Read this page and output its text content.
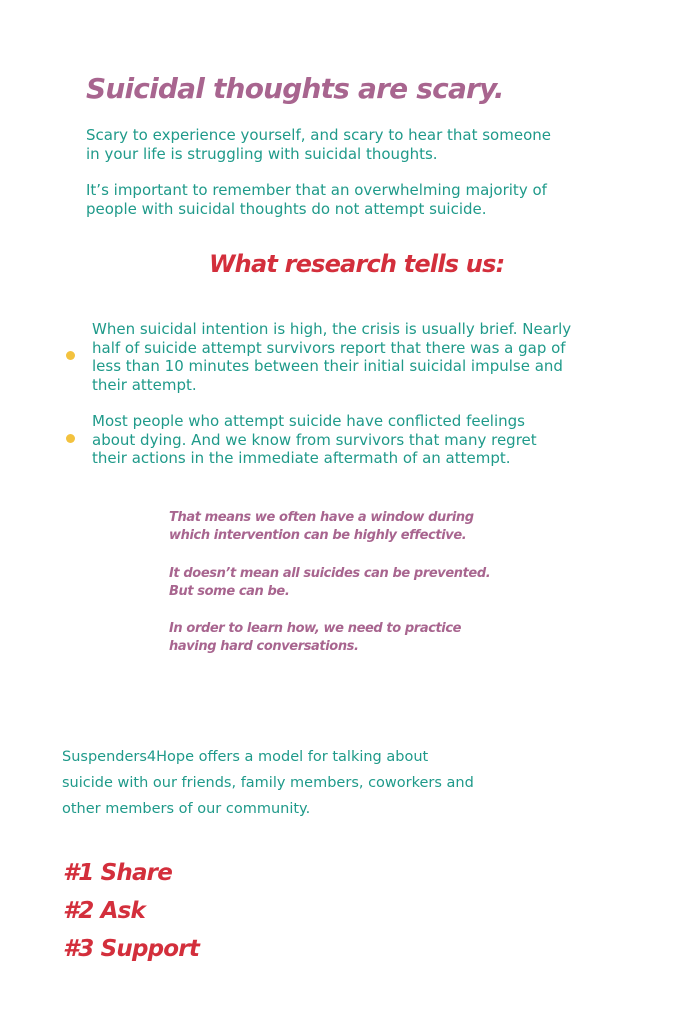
Suicidal thoughts are scary.

Scary to experience yourself, and scary to hear that someone in your life is struggling with suicidal thoughts.

It’s important to remember that an overwhelming majority of people with suicidal thoughts do not attempt suicide.

What research tells us:

When suicidal intention is high, the crisis is usually brief. Nearly half of suicide attempt survivors report that there was a gap of less than 10 minutes between their initial suicidal impulse and their attempt.

Most people who attempt suicide have conflicted feelings about dying. And we know from survivors that many regret their actions in the immediate aftermath of an attempt.

That means we often have a window during which intervention can be highly effective.

It doesn’t mean all suicides can be prevented. But some can be.

In order to learn how, we need to practice having hard conversations.

Suspenders4Hope offers a model for talking about suicide with our friends, family members, coworkers and other members of our community.

#1 Share
#2 Ask
#3 Support
